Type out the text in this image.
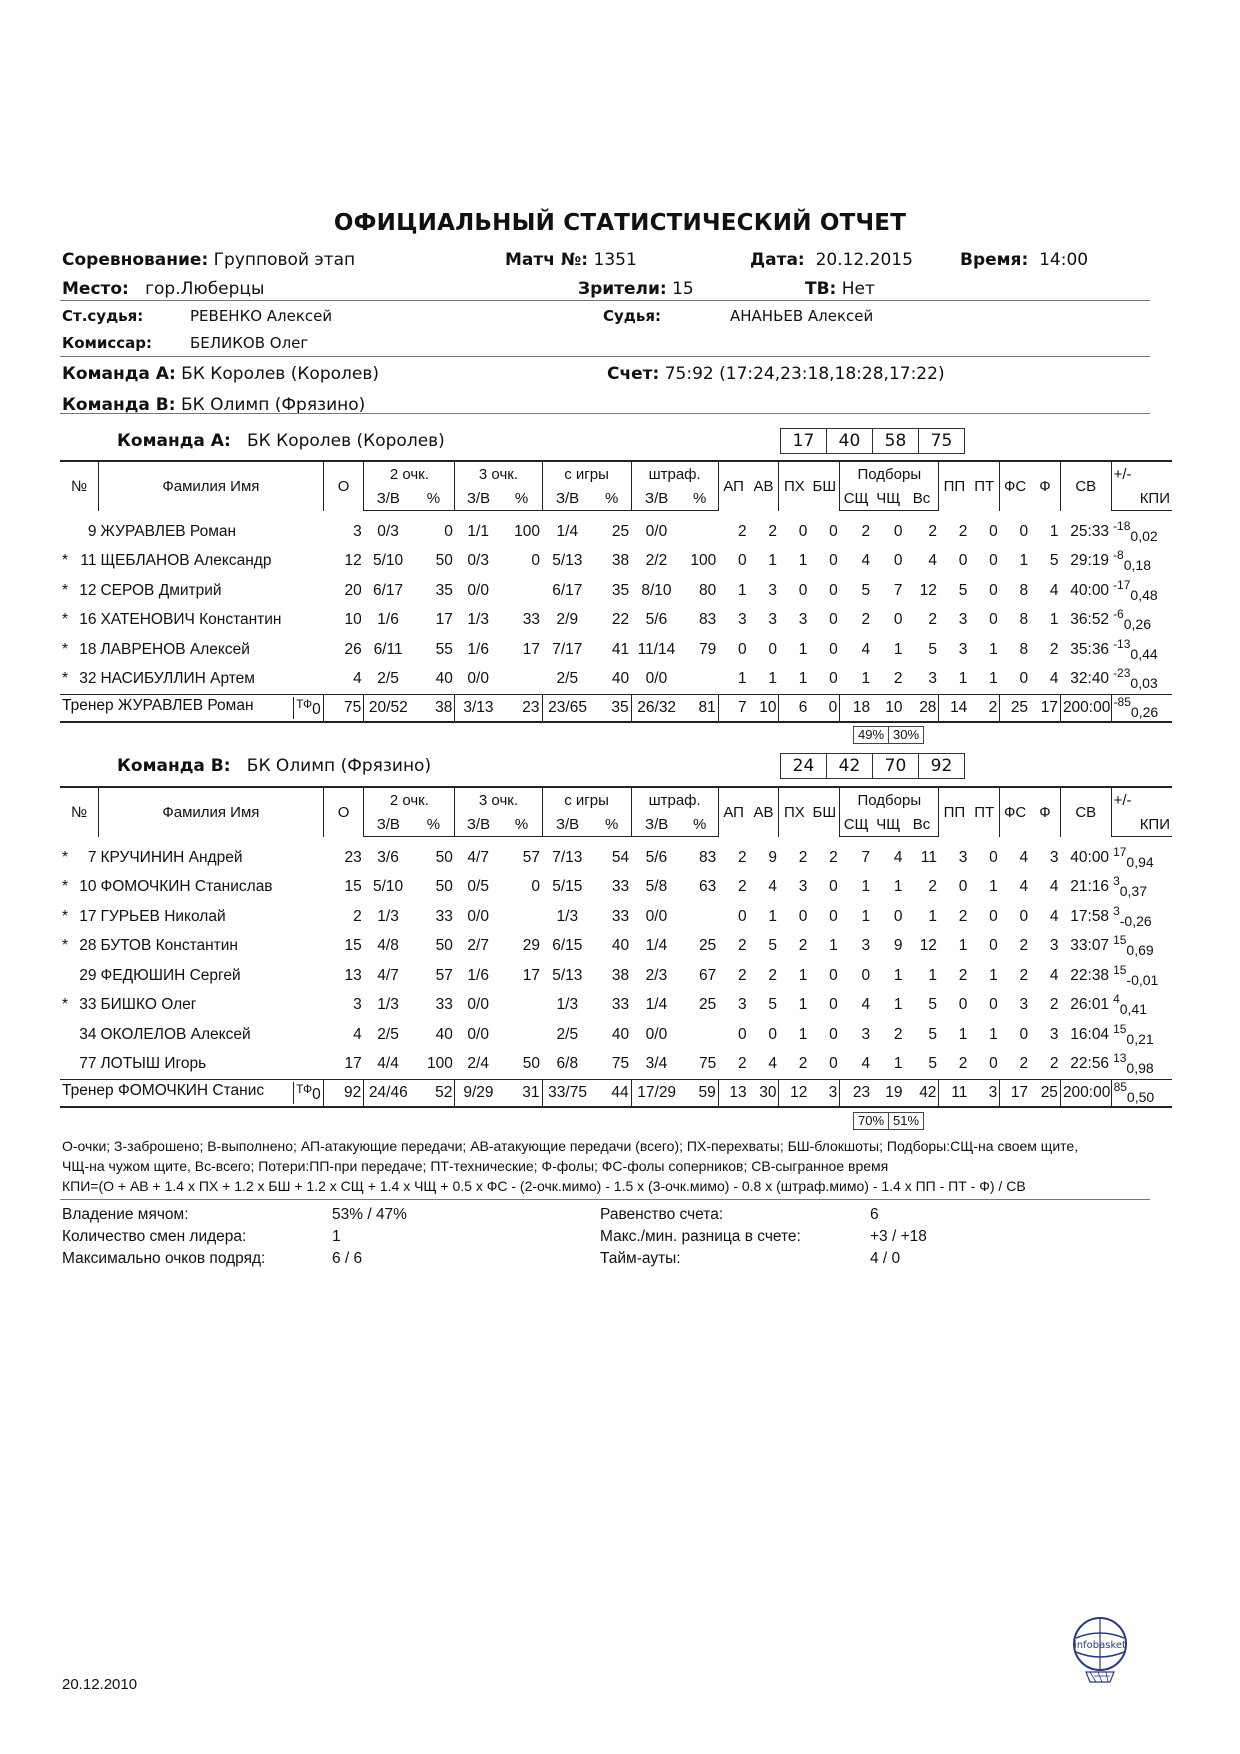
ОФИЦИАЛЬНЫЙ СТАТИСТИЧЕСКИЙ ОТЧЕТ
Соревнование: Групповой этап	Матч №: 1351	Дата: 20.12.2015	Время: 14:00
Место: гор.Люберцы	Зрители: 15	ТВ: Нет
Ст.судья:	РЕВЕНКО Алексей	Судья:	АНАНЬЕВ Алексей
Комиссар:	БЕЛИКОВ Олег
Команда А: БК Королев (Королев)	Счет: 75:92 (17:24,23:18,18:28,17:22)
Команда В: БК Олимп (Фрязино)
Команда А: БК Королев (Королев)	17	40	58	75
№	Фамилия Имя	О	2 очк.		3 очк.		с игры		штраф.		АП	АВ	ПХ	БШ	Подборы			ПП	ПТ	ФС	Ф	СВ	+/-
			З/В	%	З/В	%	З/В	%	З/В	%					СЩ	ЧЩ	Вс						КПИ

9	ЖУРАВЛЕВ Роман	3	0/3	0	1/1	100	1/4	25	0/0		2	2	0	0	2	0	2	2	0	0	1	25:33	$^{-18}$0,02

* 11	ЩЕБЛАНОВ Александр	12	5/10	50	0/3	0	5/13	38	2/2	100	0	1	1	0	4	0	4	0	0	1	5	29:19	$^{-8}$0,18

* 12	СЕРОВ Дмитрий	20	6/17	35	0/0		6/17	35	8/10	80	1	3	0	0	5	7	12	5	0	8	4	40:00	$^{-17}$0,48

* 16	ХАТЕНОВИЧ Константин	10	1/6	17	1/3	33	2/9	22	5/6	83	3	3	3	0	2	0	2	3	0	8	1	36:52	$^{-6}$0,26

* 18	ЛАВРЕНОВ Алексей	26	6/11	55	1/6	17	7/17	41	11/14	79	0	0	1	0	4	1	5	3	1	8	2	35:36	$^{-13}$0,44

* 32	НАСИБУЛЛИН Артем	4	2/5	40	0/0		2/5	40	0/0		1	1	1	0	1	2	3	1	1	0	4	32:40	$^{-23}$0,03
Тренер ЖУРАВЛЕВ Роман $^{ТФ}$0		75	20/52	38	3/13	23	23/65	35	26/32	81	7	10	6	0	18	10	28	14	2	25	17	200:00	$^{-85}$0,26
49% 30%
Команда В: БК Олимп (Фрязино)	24	42	70	92
№	Фамилия Имя	О	2 очк.		3 очк.		с игры		штраф.		АП	АВ	ПХ	БШ	Подборы			ПП	ПТ	ФС	Ф	СВ	+/-
			З/В	%	З/В	%	З/В	%	З/В	%					СЩ	ЧЩ	Вс						КПИ

* 7	КРУЧИНИН Андрей	23	3/6	50	4/7	57	7/13	54	5/6	83	2	9	2	2	7	4	11	3	0	4	3	40:00	$^{17}$0,94

* 10	ФОМОЧКИН Станислав	15	5/10	50	0/5	0	5/15	33	5/8	63	2	4	3	0	1	1	2	0	1	4	4	21:16	$^3$0,37

* 17	ГУРЬЕВ Николай	2	1/3	33	0/0		1/3	33	0/0		0	1	0	0	1	0	1	2	0	0	4	17:58	$^3$-0,26

* 28	БУТОВ Константин	15	4/8	50	2/7	29	6/15	40	1/4	25	2	5	2	1	3	9	12	1	0	2	3	33:07	$^{15}$0,69

29	ФЕДЮШИН Сергей	13	4/7	57	1/6	17	5/13	38	2/3	67	2	2	1	0	0	1	1	2	1	2	4	22:38	$^{15}$-0,01

* 33	БИШКО Олег	3	1/3	33	0/0		1/3	33	1/4	25	3	5	1	0	4	1	5	0	0	3	2	26:01	$^4$0,41

34	ОКОЛЕЛОВ Алексей	4	2/5	40	0/0		2/5	40	0/0		0	0	1	0	3	2	5	1	1	0	3	16:04	$^{15}$0,21

77	ЛОТЫШ Игорь	17	4/4	100	2/4	50	6/8	75	3/4	75	2	4	2	0	4	1	5	2	0	2	2	22:56	$^{13}$0,98
Тренер ФОМОЧКИН Станис $^{ТФ}$0		92	24/46	52	9/29	31	33/75	44	17/29	59	13	30	12	3	23	19	42	11	3	17	25	200:00	$^{85}$0,50
70% 51%
О-очки; З-заброшено; В-выполнено; АП-атакующие передачи; АВ-атакующие передачи (всего); ПХ-перехваты; БШ-блокшоты; Подборы:СЩ-на своем щите,
ЧЩ-на чужом щите, Вс-всего; Потери:ПП-при передаче; ПТ-технические; Ф-фолы; ФС-фолы соперников; СВ-сыгранное время
КПИ=(О + АВ + 1.4 х ПХ + 1.2 х БШ + 1.2 х СЩ + 1.4 х ЧЩ + 0.5 х ФС - (2-очк.мимо) - 1.5 х (3-очк.мимо) - 0.8 х (штраф.мимо) - 1.4 х ПП - ПТ - Ф) / СВ
Владение мячом:	53% / 47%	Равенство счета:	6
Количество смен лидера:	1	Макс./мин. разница в счете:	+3 / +18
Максимально очков подряд:	6 / 6	Тайм-ауты:	4 / 0
20.12.2010
infobasket
